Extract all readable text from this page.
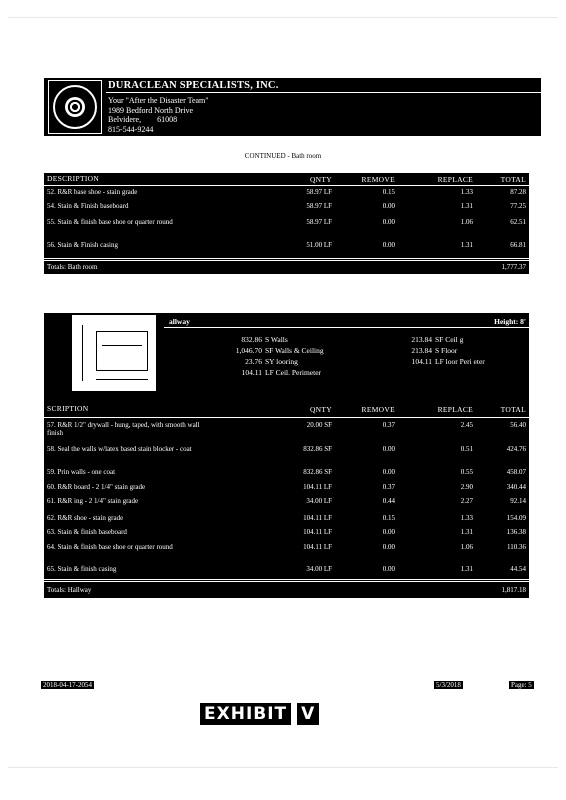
DURACLEAN SPECIALISTS, INC.
Your "After the Disaster Team"
1989 Bedford North Drive
Belvidere,        61008
815-544-9244
CONTINUED - Bath room
DESCRIPTION	QNTY	REMOVE	REPLACE	TOTAL
52. R&R base shoe - stain grade	58.97 LF	0.15	1.33	87.28
54. Stain & Finish baseboard	58.97 LF	0.00	1.31	77.25
55. Stain & finish base shoe or quarter round	58.97 LF	0.00	1.06	62.51
56. Stain & Finish casing	51.00 LF	0.00	1.31	66.81
Totals: Bath room	1,777.37
allway	Height: 8'
832.86 S Walls
1,046.70 SF Walls & Ceiling
23.76 SY looring
104.11 LF Ceil. Perimeter
213.84 SF Ceil g
213.84 S Floor
104.11 LF loor Peri eter
SCRIPTION	QNTY	REMOVE	REPLACE	TOTAL
57. R&R 1/2" drywall - hung, taped, with smooth wall finish
20.00 SF	0.37	2.45	56.40
58. Seal the walls w/latex based stain blocker - coat	832.86 SF	0.00	0.51	424.76
59. Prin walls - one coat	832.86 SF	0.00	0.55	458.07
60. R&R board - 2 1/4" stain grade	104.11 LF	0.37	2.90	340.44
61. R&R ing - 2 1/4" stain grade	34.00 LF	0.44	2.27	92.14
62. R&R shoe - stain grade	104.11 LF	0.15	1.33	154.09
63. Stain & finish baseboard	104.11 LF	0.00	1.31	136.38
64. Stain & finish base shoe or quarter round	104.11 LF	0.00	1.06	110.36
65. Stain & finish casing	34.00 LF	0.00	1.31	44.54
Totals: Hallway	1,817.18
2018-04-17-2054	5/3/2018	Page: 5
EXHIBIT V
